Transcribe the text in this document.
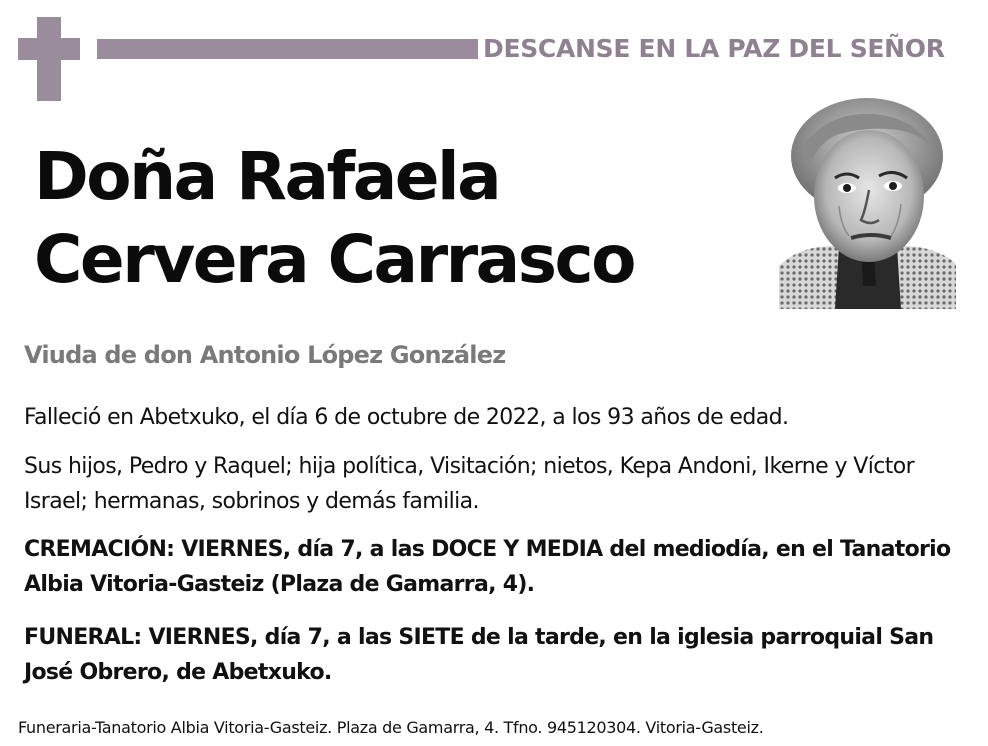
DESCANSE EN LA PAZ DEL SEÑOR
Doña Rafaela
Cervera Carrasco
Viuda de don Antonio López González
Falleció en Abetxuko, el día 6 de octubre de 2022, a los 93 años de edad.
Sus hijos, Pedro y Raquel; hija política, Visitación; nietos, Kepa Andoni, Ikerne y Víctor Israel; hermanas, sobrinos y demás familia.
CREMACIÓN: VIERNES, día 7, a las DOCE Y MEDIA del mediodía, en el Tanatorio Albia Vitoria-Gasteiz (Plaza de Gamarra, 4).
FUNERAL: VIERNES, día 7, a las SIETE de la tarde, en la iglesia parroquial San José Obrero, de Abetxuko.
Funeraria-Tanatorio Albia Vitoria-Gasteiz. Plaza de Gamarra, 4. Tfno. 945120304. Vitoria-Gasteiz.
